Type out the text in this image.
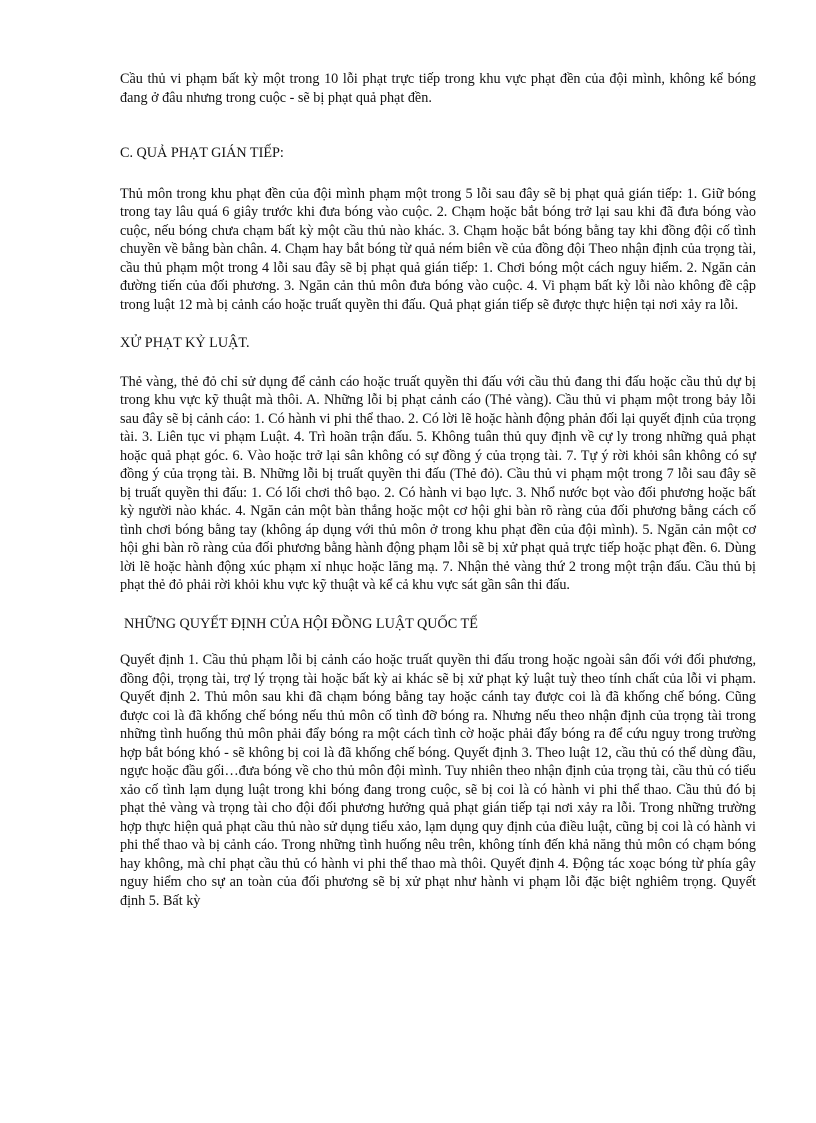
Cầu thủ vi phạm bất kỳ một trong 10 lỗi phạt trực tiếp trong khu vực phạt đền của đội mình, không kể bóng đang ở đâu nhưng trong cuộc - sẽ bị phạt quả phạt đền.

C. QUẢ PHẠT GIÁN TIẾP:

Thủ môn trong khu phạt đền của đội mình phạm một trong 5 lỗi sau đây sẽ bị phạt quả gián tiếp: 1. Giữ bóng trong tay lâu quá 6 giây trước khi đưa bóng vào cuộc. 2. Chạm hoặc bắt bóng trở lại sau khi đã đưa bóng vào cuộc, nếu bóng chưa chạm bất kỳ một cầu thủ nào khác. 3. Chạm hoặc bắt bóng bằng tay khi đồng đội cố tình chuyền về bằng bàn chân. 4. Chạm hay bắt bóng từ quả ném biên về của đồng đội Theo nhận định của trọng tài, cầu thủ phạm một trong 4 lỗi sau đây sẽ bị phạt quả gián tiếp: 1. Chơi bóng một cách nguy hiểm. 2. Ngăn cản đường tiến của đối phương. 3. Ngăn cản thủ môn đưa bóng vào cuộc. 4. Vi phạm bất kỳ lỗi nào không đề cập trong luật 12 mà bị cảnh cáo hoặc truất quyền thi đấu. Quả phạt gián tiếp sẽ được thực hiện tại nơi xảy ra lỗi.

XỬ PHẠT KỶ LUẬT.

Thẻ vàng, thẻ đỏ chỉ sử dụng để cảnh cáo hoặc truất quyền thi đấu với cầu thủ đang thi đấu hoặc cầu thủ dự bị trong khu vực kỹ thuật mà thôi. A. Những lỗi bị phạt cảnh cáo (Thẻ vàng). Cầu thủ vi phạm một trong bảy lỗi sau đây sẽ bị cảnh cáo: 1. Có hành vi phi thể thao. 2. Có lời lẽ hoặc hành động phản đối lại quyết định của trọng tài. 3. Liên tục vi phạm Luật. 4. Trì hoãn trận đấu. 5. Không tuân thủ quy định về cự ly trong những quả phạt hoặc quả phạt góc. 6. Vào hoặc trở lại sân không có sự đồng ý của trọng tài. 7. Tự ý rời khỏi sân không có sự đồng ý của trọng tài. B. Những lỗi bị truất quyền thi đấu (Thẻ đỏ). Cầu thủ vi phạm một trong 7 lỗi sau đây sẽ bị truất quyền thi đấu: 1. Có lối chơi thô bạo. 2. Có hành vi bạo lực. 3. Nhổ nước bọt vào đối phương hoặc bất kỳ người nào khác. 4. Ngăn cản một bàn thắng hoặc một cơ hội ghi bàn rõ ràng của đối phương bằng cách cố tình chơi bóng bằng tay (không áp dụng với thủ môn ở trong khu phạt đền của đội mình). 5. Ngăn cản một cơ hội ghi bàn rõ ràng của đối phương bằng hành động phạm lỗi sẽ bị xử phạt quả trực tiếp hoặc phạt đền. 6. Dùng lời lẽ hoặc hành động xúc phạm xỉ nhục hoặc lăng mạ. 7. Nhận thẻ vàng thứ 2 trong một trận đấu. Cầu thủ bị phạt thẻ đỏ phải rời khỏi khu vực kỹ thuật và kể cả khu vực sát gần sân thi đấu.

NHỮNG QUYẾT ĐỊNH CỦA HỘI ĐỒNG LUẬT QUỐC TẾ

Quyết định 1. Cầu thủ phạm lỗi bị cảnh cáo hoặc truất quyền thi đấu trong hoặc ngoài sân đối với đối phương, đồng đội, trọng tài, trợ lý trọng tài hoặc bất kỳ ai khác sẽ bị xử phạt kỷ luật tuỳ theo tính chất của lỗi vi phạm. Quyết định 2. Thủ môn sau khi đã chạm bóng bằng tay hoặc cánh tay được coi là đã khống chế bóng. Cũng được coi là đã khống chế bóng nếu thủ môn cố tình đỡ bóng ra. Nhưng nếu theo nhận định của trọng tài trong những tình huống thủ môn phải đẩy bóng ra một cách tình cờ hoặc phải đẩy bóng ra để cứu nguy trong trường hợp bắt bóng khó - sẽ không bị coi là đã khống chế bóng. Quyết định 3. Theo luật 12, cầu thủ có thể dùng đầu, ngực hoặc đầu gối…đưa bóng về cho thủ môn đội mình. Tuy nhiên theo nhận định của trọng tài, cầu thủ có tiểu xảo cố tình lạm dụng luật trong khi bóng đang trong cuộc, sẽ bị coi là có hành vi phi thể thao. Cầu thủ đó bị phạt thẻ vàng và trọng tài cho đội đối phương hưởng quả phạt gián tiếp tại nơi xảy ra lỗi. Trong những trường hợp thực hiện quả phạt cầu thủ nào sử dụng tiểu xảo, lạm dụng quy định của điều luật, cũng bị coi là có hành vi phi thể thao và bị cảnh cáo. Trong những tình huống nêu trên, không tính đến khả năng thủ môn có chạm bóng hay không, mà chỉ phạt cầu thủ có hành vi phi thể thao mà thôi. Quyết định 4. Động tác xoạc bóng từ phía gây nguy hiểm cho sự an toàn của đối phương sẽ bị xử phạt như hành vi phạm lỗi đặc biệt nghiêm trọng. Quyết định 5. Bất kỳ
